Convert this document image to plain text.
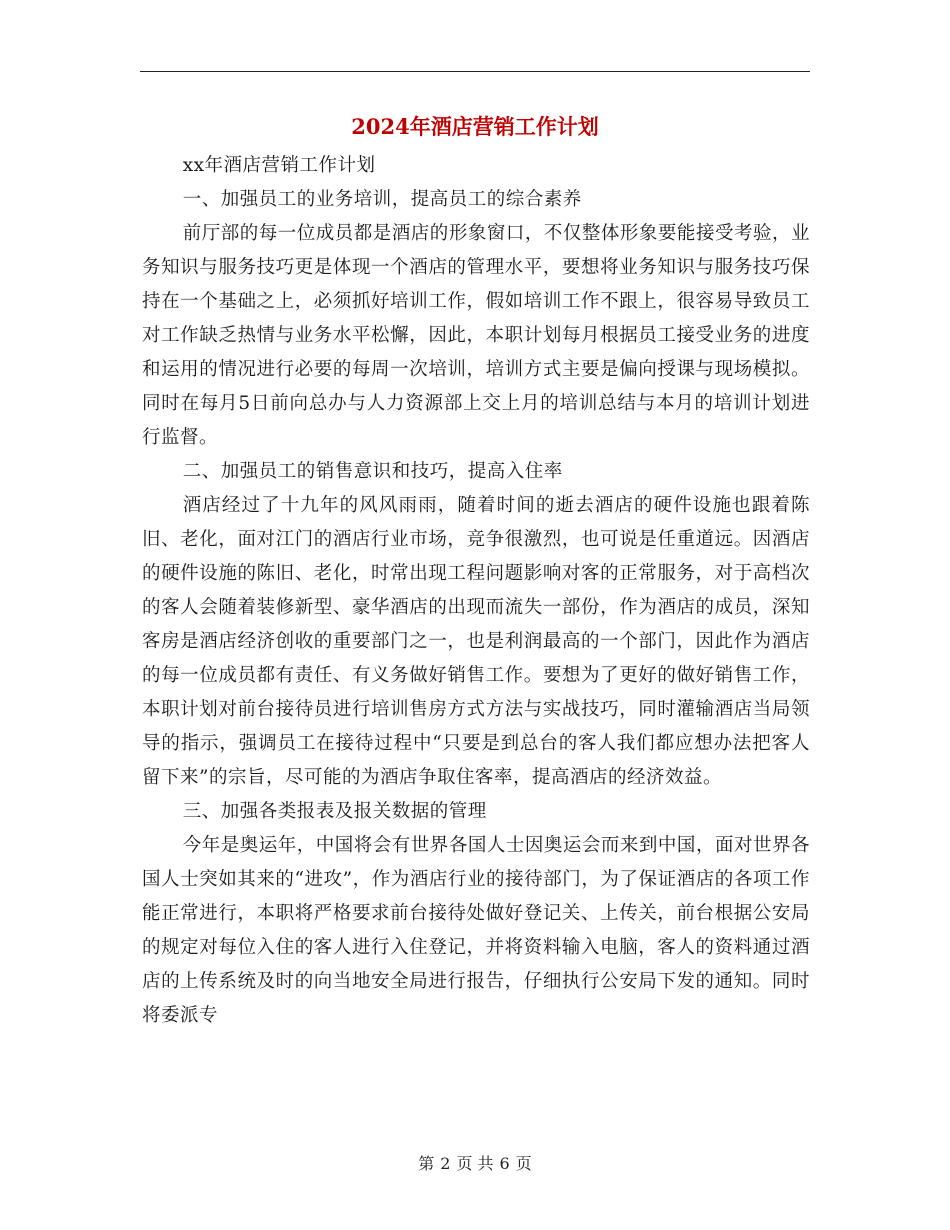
2024年酒店营销工作计划

xx年酒店营销工作计划

一、加强员工的业务培训，提高员工的综合素养

前厅部的每一位成员都是酒店的形象窗口，不仅整体形象要能接受考验，业务知识与服务技巧更是体现一个酒店的管理水平，要想将业务知识与服务技巧保持在一个基础之上，必须抓好培训工作，假如培训工作不跟上，很容易导致员工对工作缺乏热情与业务水平松懈，因此，本职计划每月根据员工接受业务的进度和运用的情况进行必要的每周一次培训，培训方式主要是偏向授课与现场模拟。同时在每月5日前向总办与人力资源部上交上月的培训总结与本月的培训计划进行监督。

二、加强员工的销售意识和技巧，提高入住率

酒店经过了十九年的风风雨雨，随着时间的逝去酒店的硬件设施也跟着陈旧、老化，面对江门的酒店行业市场，竞争很激烈，也可说是任重道远。因酒店的硬件设施的陈旧、老化，时常出现工程问题影响对客的正常服务，对于高档次的客人会随着装修新型、豪华酒店的出现而流失一部份，作为酒店的成员，深知客房是酒店经济创收的重要部门之一，也是利润最高的一个部门，因此作为酒店的每一位成员都有责任、有义务做好销售工作。要想为了更好的做好销售工作，本职计划对前台接待员进行培训售房方式方法与实战技巧，同时灌输酒店当局领导的指示，强调员工在接待过程中“只要是到总台的客人我们都应想办法把客人留下来”的宗旨，尽可能的为酒店争取住客率，提高酒店的经济效益。

三、加强各类报表及报关数据的管理

今年是奥运年，中国将会有世界各国人士因奥运会而来到中国，面对世界各国人士突如其来的“进攻”，作为酒店行业的接待部门，为了保证酒店的各项工作能正常进行，本职将严格要求前台接待处做好登记关、上传关，前台根据公安局的规定对每位入住的客人进行入住登记，并将资料输入电脑，客人的资料通过酒店的上传系统及时的向当地安全局进行报告，仔细执行公安局下发的通知。同时将委派专

第 2 页 共 6 页
